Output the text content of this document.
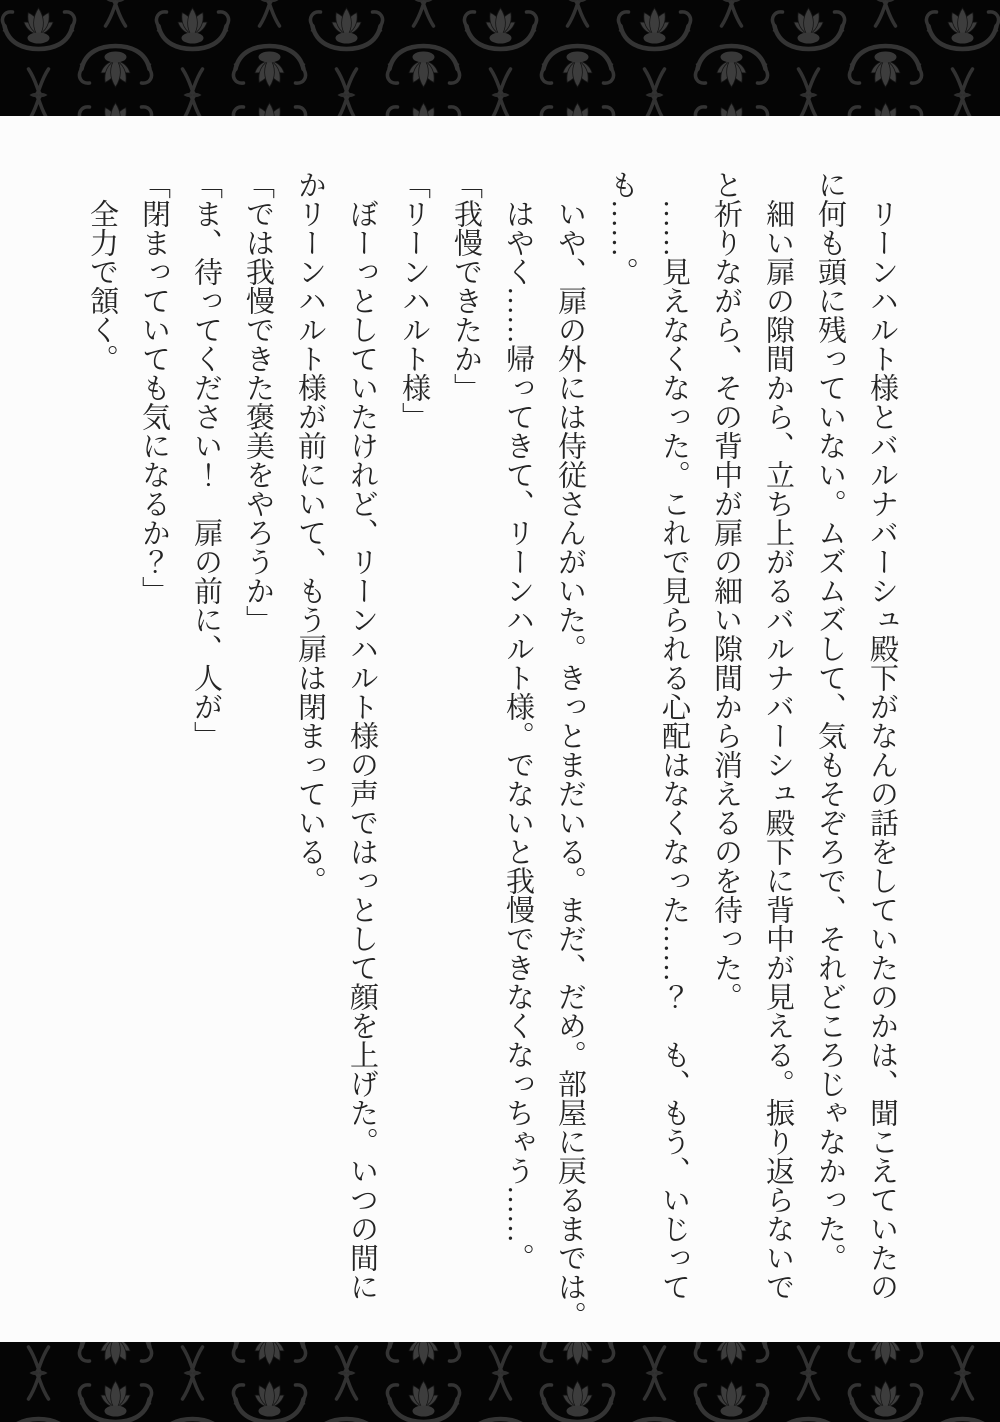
　リーンハルト様とバルナバーシュ殿下がなんの話をしていたのかは、聞こえていたの
に何も頭に残っていない。ムズムズして、気もそぞろで、それどころじゃなかった。
　細い扉の隙間から、立ち上がるバルナバーシュ殿下に背中が見える。振り返らないで
と祈りながら、その背中が扉の細い隙間から消えるのを待った。
　……見えなくなった。これで見られる心配はなくなった……？　も、もう、いじって
も……。
　いや、扉の外には侍従さんがいた。きっとまだいる。まだ、だめ。部屋に戻るまでは。
　はやく……帰ってきて、リーンハルト様。でないと我慢できなくなっちゃう……。
「我慢できたか」
「リーンハルト様」
　ぼーっとしていたけれど、リーンハルト様の声ではっとして顔を上げた。いつの間に
かリーンハルト様が前にいて、もう扉は閉まっている。
「では我慢できた褒美をやろうか」
「ま、待ってください！　扉の前に、人が」
「閉まっていても気になるか？」
　全力で頷く。
